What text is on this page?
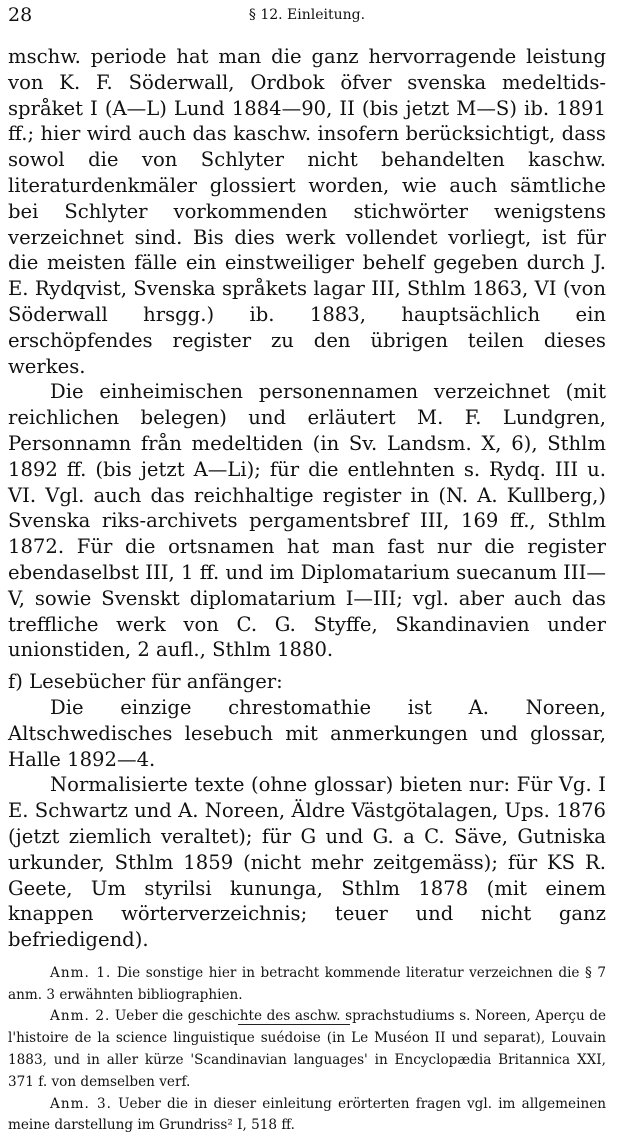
28	§ 12. Einleitung.

mschw. periode hat man die ganz hervorragende leistung von K. F. Söderwall, Ordbok öfver svenska medeltids-språket I (A—L) Lund 1884—90, II (bis jetzt M—S) ib. 1891 ff.; hier wird auch das kaschw. insofern berücksichtigt, dass sowol die von Schlyter nicht behandelten kaschw. literaturdenkmäler glossiert worden, wie auch sämtliche bei Schlyter vorkommenden stichwörter wenigstens verzeichnet sind. Bis dies werk vollendet vorliegt, ist für die meisten fälle ein einstweiliger behelf gegeben durch J. E. Rydqvist, Svenska språkets lagar III, Sthlm 1863, VI (von Söderwall hrsgg.) ib. 1883, hauptsächlich ein erschöpfendes register zu den übrigen teilen dieses werkes.

Die einheimischen personennamen verzeichnet (mit reichlichen belegen) und erläutert M. F. Lundgren, Personnamn från medeltiden (in Sv. Landsm. X, 6), Sthlm 1892 ff. (bis jetzt A—Li); für die entlehnten s. Rydq. III u. VI. Vgl. auch das reichhaltige register in (N. A. Kullberg,) Svenska riks-archivets pergamentsbref III, 169 ff., Sthlm 1872. Für die ortsnamen hat man fast nur die register ebendaselbst III, 1 ff. und im Diplomatarium suecanum III—V, sowie Svenskt diplomatarium I—III; vgl. aber auch das treffliche werk von C. G. Styffe, Skandinavien under unionstiden, 2 aufl., Sthlm 1880.

f) Lesebücher für anfänger:

Die einzige chrestomathie ist A. Noreen, Altschwedisches lesebuch mit anmerkungen und glossar, Halle 1892—4.

Normalisierte texte (ohne glossar) bieten nur: Für Vg. I E. Schwartz und A. Noreen, Äldre Västgötalagen, Ups. 1876 (jetzt ziemlich veraltet); für G und G. a C. Säve, Gutniska urkunder, Sthlm 1859 (nicht mehr zeitgemäss); für KS R. Geete, Um styrilsi kununga, Sthlm 1878 (mit einem knappen wörterverzeichnis; teuer und nicht ganz befriedigend).

Anm. 1. Die sonstige hier in betracht kommende literatur verzeichnen die § 7 anm. 3 erwähnten bibliographien.

Anm. 2. Ueber die geschichte des aschw. sprachstudiums s. Noreen, Aperçu de l'histoire de la science linguistique suédoise (in Le Muséon II und separat), Louvain 1883, und in aller kürze 'Scandinavian languages' in Encyclopædia Britannica XXI, 371 f. von demselben verf.

Anm. 3. Ueber die in dieser einleitung erörterten fragen vgl. im allgemeinen meine darstellung im Grundriss² I, 518 ff.
